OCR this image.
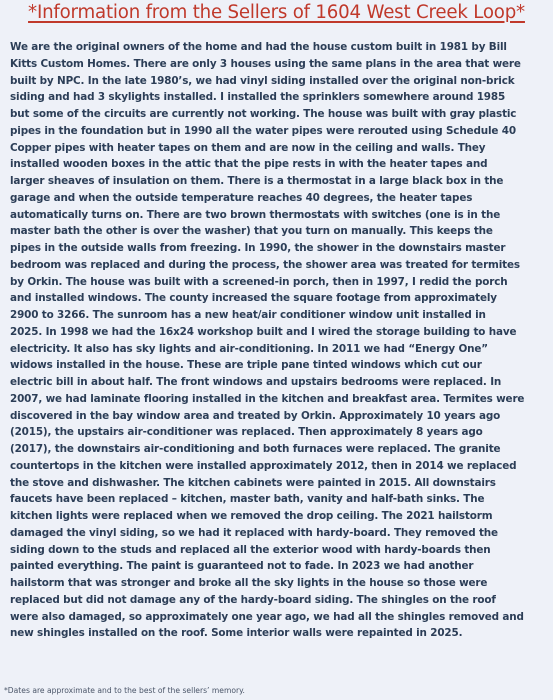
*Information from the Sellers of 1604 West Creek Loop*
We are the original owners of the home and had the house custom built in 1981 by Bill
Kitts Custom Homes. There are only 3 houses using the same plans in the area that were
built by NPC. In the late 1980’s, we had vinyl siding installed over the original non-brick
siding and had 3 skylights installed. I installed the sprinklers somewhere around 1985
but some of the circuits are currently not working. The house was built with gray plastic
pipes in the foundation but in 1990 all the water pipes were rerouted using Schedule 40
Copper pipes with heater tapes on them and are now in the ceiling and walls. They
installed wooden boxes in the attic that the pipe rests in with the heater tapes and
larger sheaves of insulation on them. There is a thermostat in a large black box in the
garage and when the outside temperature reaches 40 degrees, the heater tapes
automatically turns on. There are two brown thermostats with switches (one is in the
master bath the other is over the washer) that you turn on manually. This keeps the
pipes in the outside walls from freezing. In 1990, the shower in the downstairs master
bedroom was replaced and during the process, the shower area was treated for termites
by Orkin. The house was built with a screened-in porch, then in 1997, I redid the porch
and installed windows. The county increased the square footage from approximately
2900 to 3266. The sunroom has a new heat/air conditioner window unit installed in
2025. In 1998 we had the 16x24 workshop built and I wired the storage building to have
electricity. It also has sky lights and air-conditioning. In 2011 we had “Energy One”
widows installed in the house. These are triple pane tinted windows which cut our
electric bill in about half. The front windows and upstairs bedrooms were replaced. In
2007, we had laminate flooring installed in the kitchen and breakfast area. Termites were
discovered in the bay window area and treated by Orkin. Approximately 10 years ago
(2015), the upstairs air-conditioner was replaced. Then approximately 8 years ago
(2017), the downstairs air-conditioning and both furnaces were replaced. The granite
countertops in the kitchen were installed approximately 2012, then in 2014 we replaced
the stove and dishwasher. The kitchen cabinets were painted in 2015. All downstairs
faucets have been replaced – kitchen, master bath, vanity and half-bath sinks. The
kitchen lights were replaced when we removed the drop ceiling. The 2021 hailstorm
damaged the vinyl siding, so we had it replaced with hardy-board. They removed the
siding down to the studs and replaced all the exterior wood with hardy-boards then
painted everything. The paint is guaranteed not to fade. In 2023 we had another
hailstorm that was stronger and broke all the sky lights in the house so those were
replaced but did not damage any of the hardy-board siding. The shingles on the roof
were also damaged, so approximately one year ago, we had all the shingles removed and
new shingles installed on the roof. Some interior walls were repainted in 2025.

*Dates are approximate and to the best of the sellers’ memory.
